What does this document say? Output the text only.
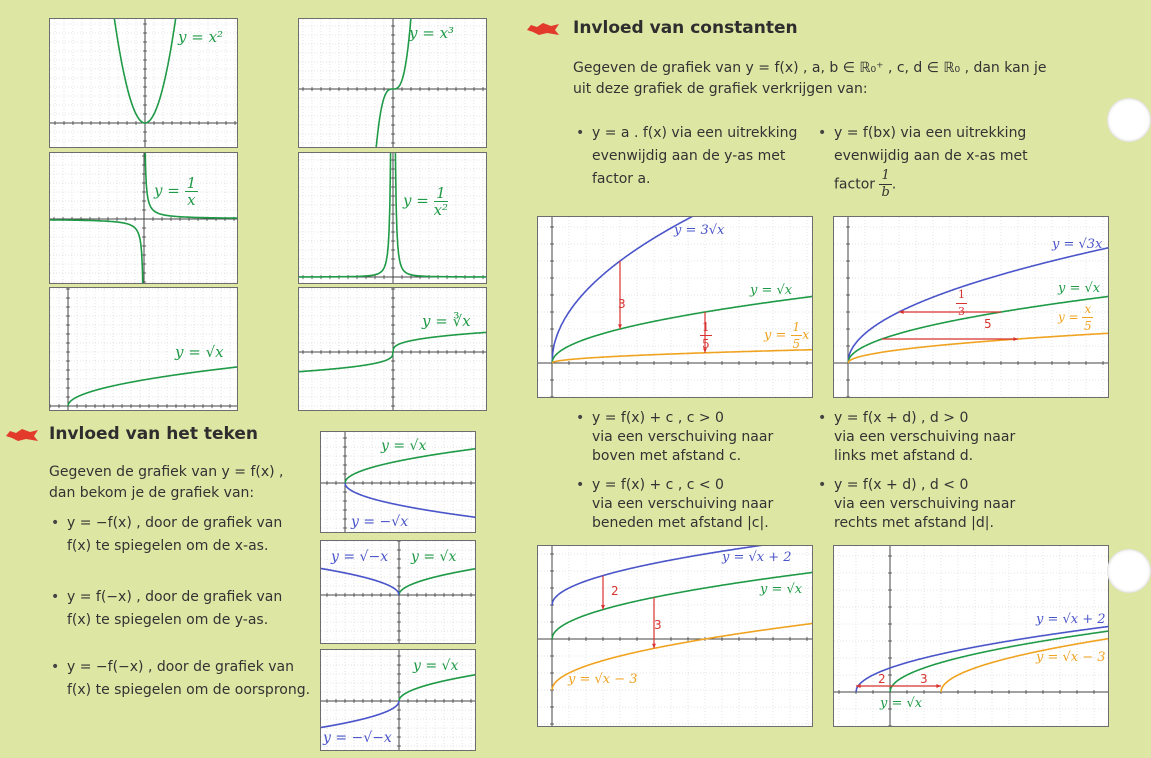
y = x²
$y = \frac{1}{x}$
y = √x
y = x³
$y = \frac{1}{\text{x²}}$
y = ∛x
Invloed van het teken
Gegeven de grafiek van y = f(x) ,
dan bekom je de grafiek van:
• y = −f(x) , door de grafiek van
f(x) te spiegelen om de x-as.
• y = f(−x) , door de grafiek van
f(x) te spiegelen om de y-as.
• y = −f(−x) , door de grafiek van
f(x) te spiegelen om de oorsprong.
y = √x
y = −√x
y = √−x y = √x
y = √x
y = −√−x
Invloed van constanten
Gegeven de grafiek van y = f(x) , a, b ∈ ℝ₀⁺ , c, d ∈ ℝ₀ , dan kan je
uit deze grafiek de grafiek verkrijgen van:
• y = a . f(x) via een uitrekking
evenwijdig aan de y-as met
factor a.
• y = f(bx) via een uitrekking
evenwijdig aan de x-as met
factor $\frac{1}{b}$ .
y = 3√x
y = √x
$y = \frac{1}{5}$ x
3
$\frac{1}{5}$
y = √3x
y = √x
$y = \frac{x}{5}$
$\frac{1}{3}$
5
• y = f(x) + c , c > 0
via een verschuiving naar
boven met afstand c.
• y = f(x) + c , c < 0
via een verschuiving naar
beneden met afstand |c|.
• y = f(x + d) , d > 0
via een verschuiving naar
links met afstand d.
• y = f(x + d) , d < 0
via een verschuiving naar
rechts met afstand |d|.
y = √x + 2
y = √x
y = √x − 3
2
3	y = √x + 2
y = √x − 3
y = √x
2	3
